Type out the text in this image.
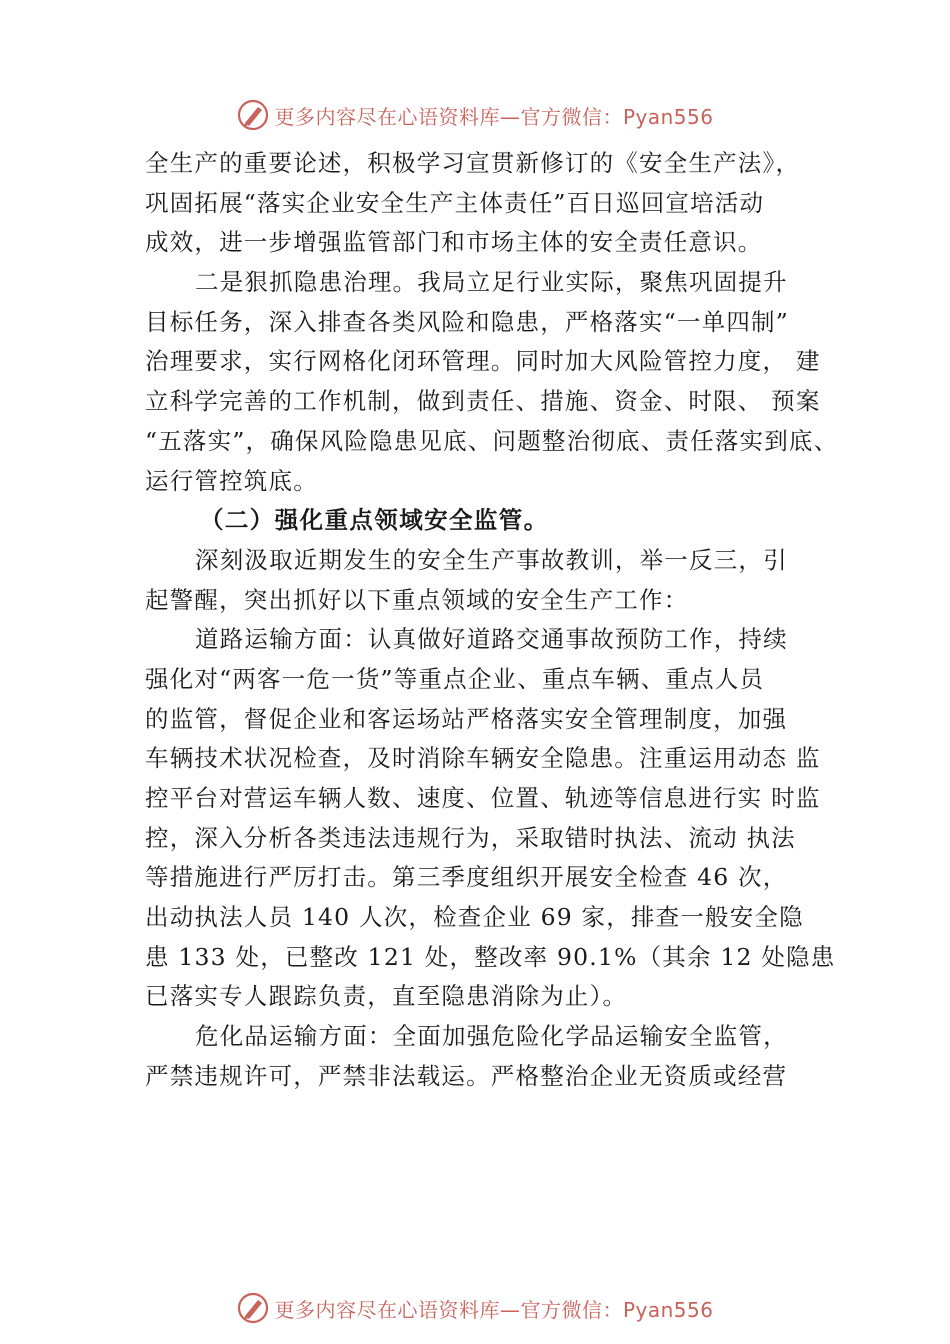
更多内容尽在心语资料库—官方微信：Pyan556
全生产的重要论述，积极学习宣贯新修订的《安全生产法》，
巩固拓展“落实企业安全生产主体责任”百日巡回宣培活动
成效，进一步增强监管部门和市场主体的安全责任意识。
二是狠抓隐患治理。我局立足行业实际，聚焦巩固提升
目标任务，深入排查各类风险和隐患，严格落实“一单四制”
治理要求，实行网格化闭环管理。同时加大风险管控力度， 建
立科学完善的工作机制，做到责任、措施、资金、时限、 预案
“五落实”，确保风险隐患见底、问题整治彻底、责任落实到底、
运行管控筑底。
（二）强化重点领域安全监管。
深刻汲取近期发生的安全生产事故教训，举一反三，引
起警醒，突出抓好以下重点领域的安全生产工作：
道路运输方面：认真做好道路交通事故预防工作，持续
强化对“两客一危一货”等重点企业、重点车辆、重点人员
的监管，督促企业和客运场站严格落实安全管理制度，加强
车辆技术状况检查，及时消除车辆安全隐患。注重运用动态 监
控平台对营运车辆人数、速度、位置、轨迹等信息进行实 时监
控，深入分析各类违法违规行为，采取错时执法、流动 执法
等措施进行严厉打击。第三季度组织开展安全检查 46 次，
出动执法人员 140 人次，检查企业 69 家，排查一般安全隐
患 133 处，已整改 121 处，整改率 90.1%（其余 12 处隐患
已落实专人跟踪负责，直至隐患消除为止）。
危化品运输方面：全面加强危险化学品运输安全监管，
严禁违规许可，严禁非法载运。严格整治企业无资质或经营
更多内容尽在心语资料库—官方微信：Pyan556
